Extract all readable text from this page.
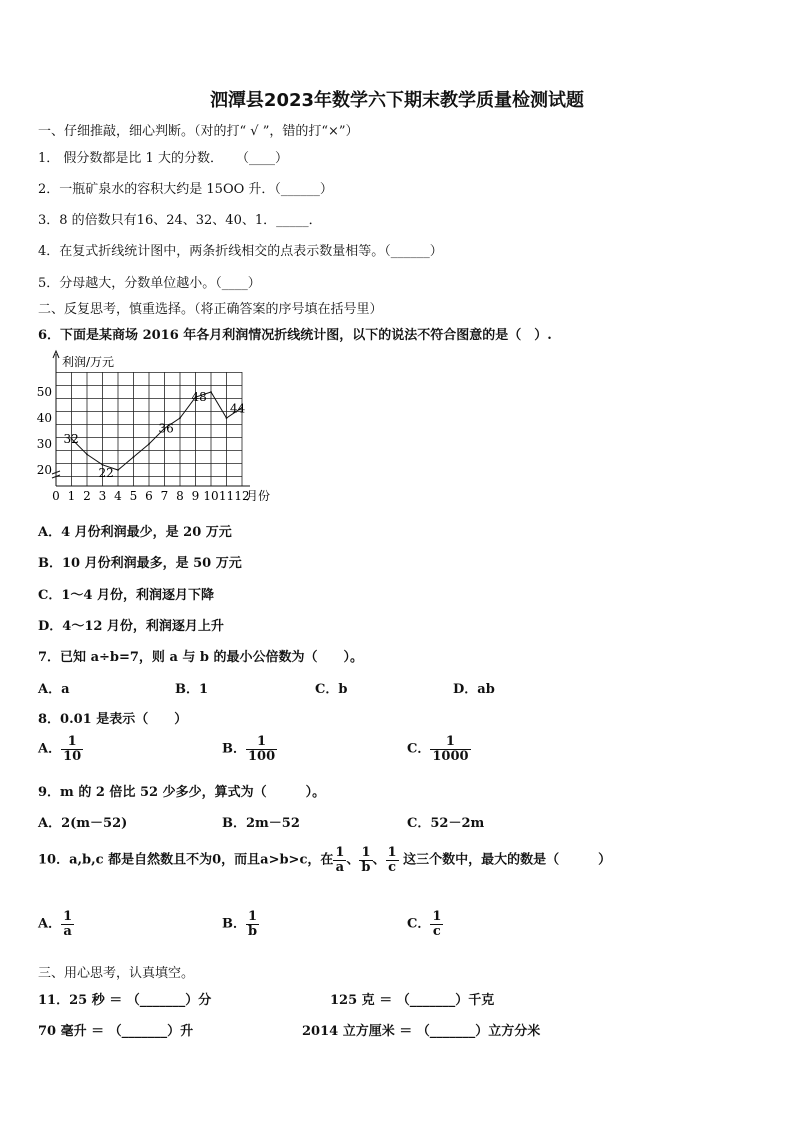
泗潭县2023年数学六下期末教学质量检测试题
一、仔细推敲，细心判断。（对的打“ √ ”，错的打“×”）
1． 假分数都是比 1 大的分数．　　（____）
2．一瓶矿泉水的容积大约是 15OO 升．（______）
3．8 的倍数只有16、24、32、40、1．_____．
4．在复式折线统计图中，两条折线相交的点表示数量相等。（______）
5．分母越大，分数单位越小。（____）
二、反复思考，慎重选择。（将正确答案的序号填在括号里）
6．下面是某商场 2016 年各月利润情况折线统计图，以下的说法不符合图意的是（　）.
0 1 2 3 4 5 6 7 8 9 10 11 12
20
30
40
50
利润/万元
月份
32
22
36
48
44
A．4 月份利润最少，是 20 万元
B．10 月份利润最多，是 50 万元
C．1～4 月份，利润逐月下降
D．4～12 月份，利润逐月上升
7．已知 a÷b=7，则 a 与 b 的最小公倍数为（　　）。
A．a	B．1	C．b	D．ab
8．0.01 是表示（　　）
A． $\frac{1}{10}$	B． $\frac{1}{100}$	C． $\frac{1}{1000}$
9．m 的 2 倍比 52 少多少，算式为（　　　）。
A．2(m－52)	B．2m－52	C．52－2m
10．a,b,c 都是自然数且不为0，而且a>b>c，在 $\frac{1}{a}$ 、 $\frac{1}{b}$ 、 $\frac{1}{c}$ 这三个数中，最大的数是（　　　）
A． $\frac{1}{a}$	B． $\frac{1}{b}$	C． $\frac{1}{c}$
三、用心思考，认真填空。
11．25 秒 ＝ （_______）分	125 克 ＝ （_______）千克
70 毫升 ＝ （_______）升	2014 立方厘米 ＝ （_______）立方分米
